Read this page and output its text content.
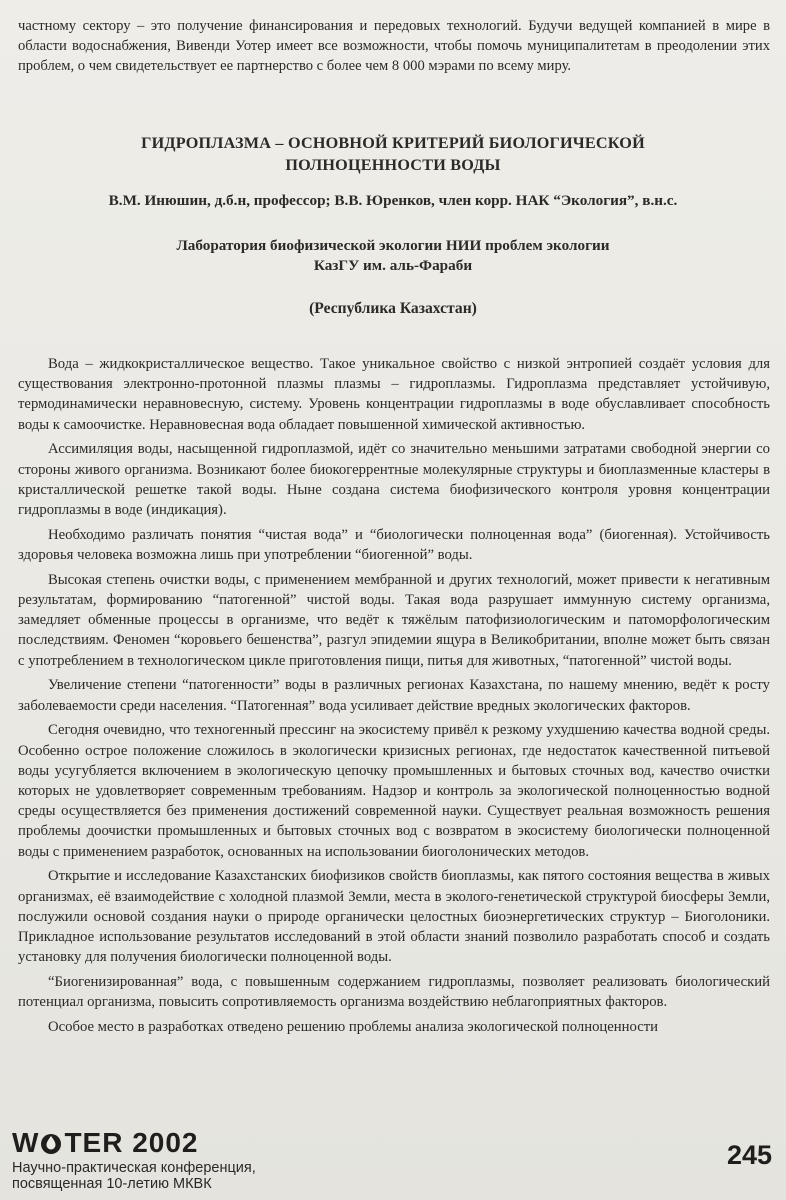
частному сектору – это получение финансирования и передовых технологий. Будучи ведущей компанией в мире в области водоснабжения, Вивенди Уотер имеет все возможности, чтобы помочь муниципалитетам в преодолении этих проблем, о чем свидетельствует ее партнерство с более чем 8 000 мэрами по всему миру.

ГИДРОПЛАЗМА – ОСНОВНОЙ КРИТЕРИЙ БИОЛОГИЧЕСКОЙ
ПОЛНОЦЕННОСТИ ВОДЫ

В.М. Инюшин, д.б.н, профессор; В.В. Юренков, член корр. НАК “Экология”, в.н.с.

Лаборатория биофизической экологии НИИ проблем экологии
КазГУ им. аль-Фараби

(Республика Казахстан)

Вода – жидкокристаллическое вещество. Такое уникальное свойство с низкой энтропией создаёт условия для существования электронно-протонной плазмы плазмы – гидроплазмы. Гидроплазма представляет устойчивую, термодинамически неравновесную, систему. Уровень концентрации гидроплазмы в воде обуславливает способность воды к самоочистке. Неравновесная вода обладает повышенной химической активностью.

Ассимиляция воды, насыщенной гидроплазмой, идёт со значительно меньшими затратами свободной энергии со стороны живого организма. Возникают более биокогеррентные молекулярные структуры и биоплазменные кластеры в кристаллической решетке такой воды. Ныне создана система биофизического контроля уровня концентрации гидроплазмы в воде (индикация).

Необходимо различать понятия “чистая вода” и “биологически полноценная вода” (биогенная). Устойчивость здоровья человека возможна лишь при употреблении “биогенной” воды.

Высокая степень очистки воды, с применением мембранной и других технологий, может привести к негативным результатам, формированию “патогенной” чистой воды. Такая вода разрушает иммунную систему организма, замедляет обменные процессы в организме, что ведёт к тяжёлым патофизиологическим и патоморфологическим последствиям. Феномен “коровьего бешенства”, разгул эпидемии ящура в Великобритании, вполне может быть связан с употреблением в технологическом цикле приготовления пищи, питья для животных, “патогенной” чистой воды.

Увеличение степени “патогенности” воды в различных регионах Казахстана, по нашему мнению, ведёт к росту заболеваемости среди населения. “Патогенная” вода усиливает действие вредных экологических факторов.

Сегодня очевидно, что техногенный прессинг на экосистему привёл к резкому ухудшению качества водной среды. Особенно острое положение сложилось в экологически кризисных регионах, где недостаток качественной питьевой воды усугубляется включением в экологическую цепочку промышленных и бытовых сточных вод, качество очистки которых не удовлетворяет современным требованиям. Надзор и контроль за экологической полноценностью водной среды осуществляется без применения достижений современной науки. Существует реальная возможность решения проблемы доочистки промышленных и бытовых сточных вод с возвратом в экосистему биологически полноценной воды с применением разработок, основанных на использовании биоголонических методов.

Открытие и исследование Казахстанских биофизиков свойств биоплазмы, как пятого состояния вещества в живых организмах, её взаимодействие с холодной плазмой Земли, места в эколого-генетической структурой биосферы Земли, послужили основой создания науки о природе органически целостных биоэнергетических структур – Биоголоники. Прикладное использование результатов исследований в этой области знаний позволило разработать способ и создать установку для получения биологически полноценной воды.

“Биогенизированная” вода, с повышенным содержанием гидроплазмы, позволяет реализовать биологический потенциал организма, повысить сопротивляемость организма воздействию неблагоприятных факторов.

Особое место в разработках отведено решению проблемы анализа экологической полноценности

W TER 2002
Научно-практическая конференция,
посвященная 10-летию МКВК
245
